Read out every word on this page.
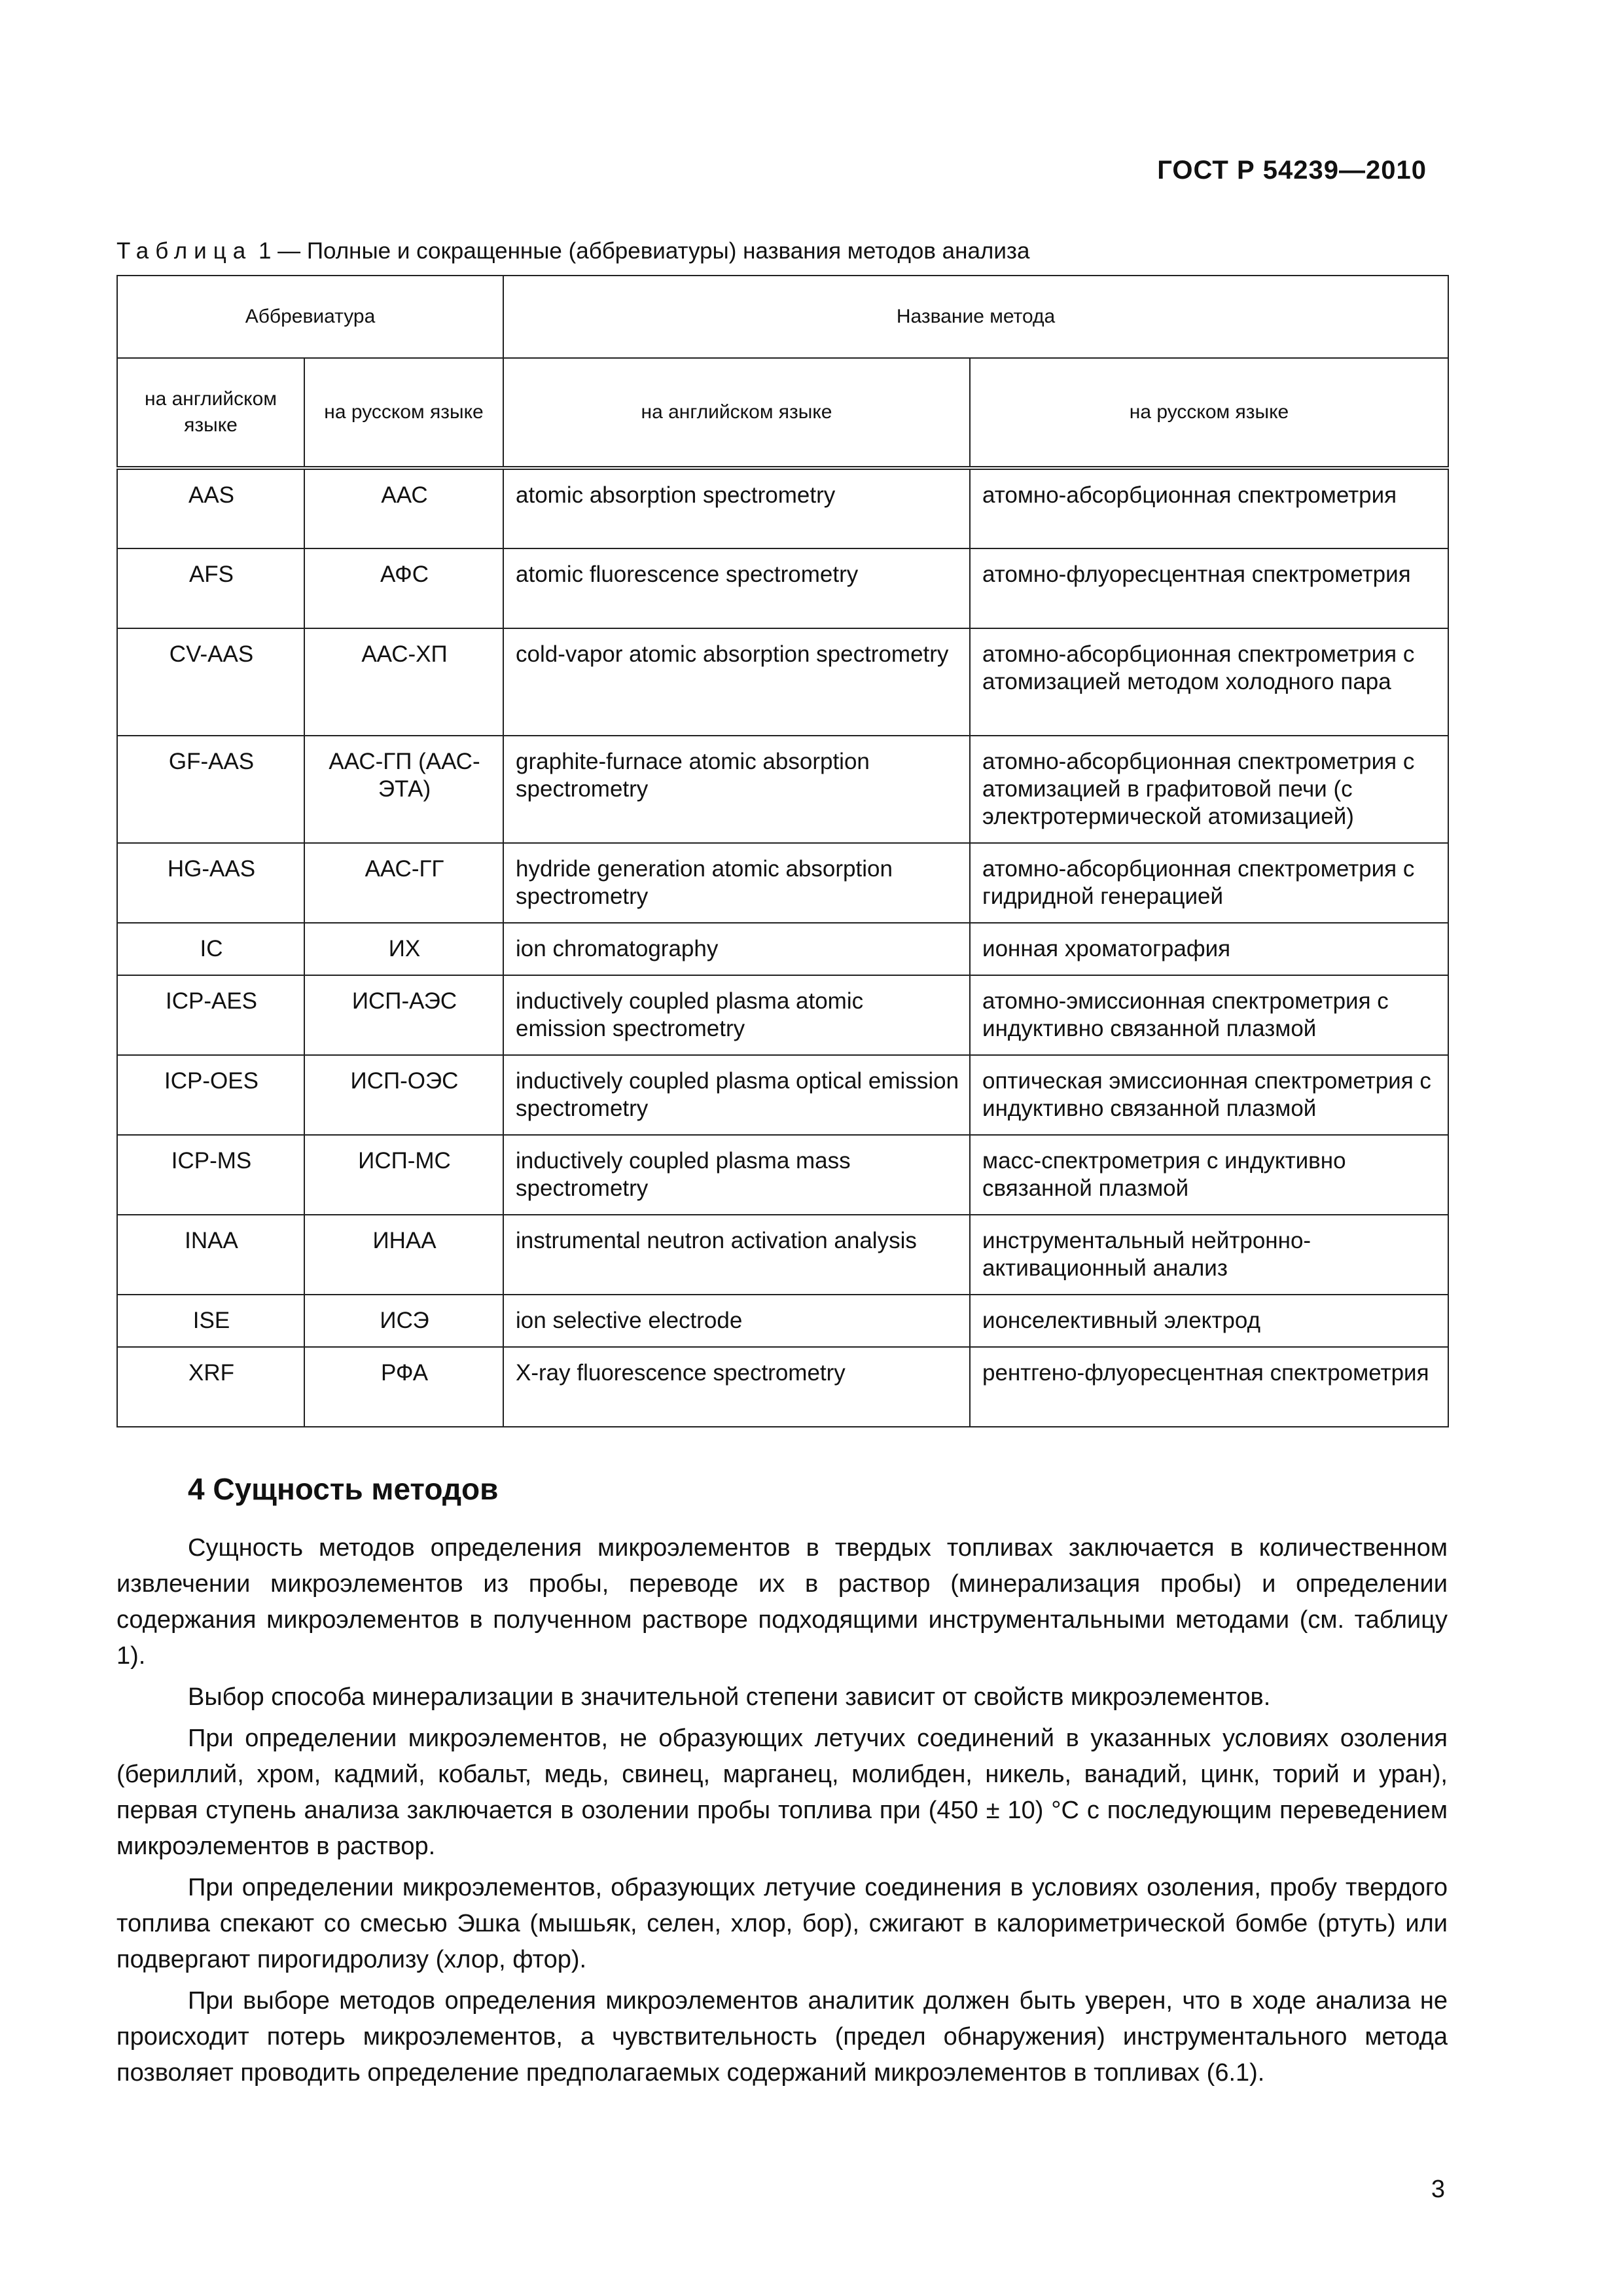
ГОСТ Р 54239—2010
Таблица 1 — Полные и сокращенные (аббревиатуры) названия методов анализа
Аббревиатура		Название метода	
на английском языке	на русском языке	на английском языке	на русском языке
AAS	ААС	atomic absorption spectrometry	атомно-абсорбционная спектрометрия
AFS	АФС	atomic fluorescence spectrometry	атомно-флуоресцентная спектрометрия
CV-AAS	ААС-ХП	cold-vapor atomic absorption spectrometry	атомно-абсорбционная спектрометрия с атомизацией методом холодного пара
GF-AAS	ААС-ГП (ААС-ЭТА)	graphite-furnace atomic absorption spectrometry	атомно-абсорбционная спектрометрия с атомизацией в графитовой печи (с электротермической атомизацией)
HG-AAS	ААС-ГГ	hydride generation atomic absorption spectrometry	атомно-абсорбционная спектрометрия с гидридной генерацией
IC	ИХ	ion chromatography	ионная хроматография
ICP-AES	ИСП-АЭС	inductively coupled plasma atomic emission spectrometry	атомно-эмиссионная спектрометрия с индуктивно связанной плазмой
ICP-OES	ИСП-ОЭС	inductively coupled plasma optical emission spectrometry	оптическая эмиссионная спектрометрия с индуктивно связанной плазмой
ICP-MS	ИСП-МС	inductively coupled plasma mass spectrometry	масс-спектрометрия с индуктивно связанной плазмой
INAA	ИНАА	instrumental neutron activation analysis	инструментальный нейтронно-активационный анализ
ISE	ИСЭ	ion selective electrode	ионселективный электрод
XRF	РФА	X-ray fluorescence spectrometry	рентгено-флуоресцентная спектрометрия
4 Сущность методов

Сущность методов определения микроэлементов в твердых топливах заключается в количественном извлечении микроэлементов из пробы, переводе их в раствор (минерализация пробы) и определении содержания микроэлементов в полученном растворе подходящими инструментальными методами (см. таблицу 1).

Выбор способа минерализации в значительной степени зависит от свойств микроэлементов.

При определении микроэлементов, не образующих летучих соединений в указанных условиях озоления (бериллий, хром, кадмий, кобальт, медь, свинец, марганец, молибден, никель, ванадий, цинк, торий и уран), первая ступень анализа заключается в озолении пробы топлива при (450 ± 10) °С с последующим переведением микроэлементов в раствор.

При определении микроэлементов, образующих летучие соединения в условиях озоления, пробу твердого топлива спекают со смесью Эшка (мышьяк, селен, хлор, бор), сжигают в калориметрической бомбе (ртуть) или подвергают пирогидролизу (хлор, фтор).

При выборе методов определения микроэлементов аналитик должен быть уверен, что в ходе анализа не происходит потерь микроэлементов, а чувствительность (предел обнаружения) инструментального метода позволяет проводить определение предполагаемых содержаний микроэлементов в топливах (6.1).

3
